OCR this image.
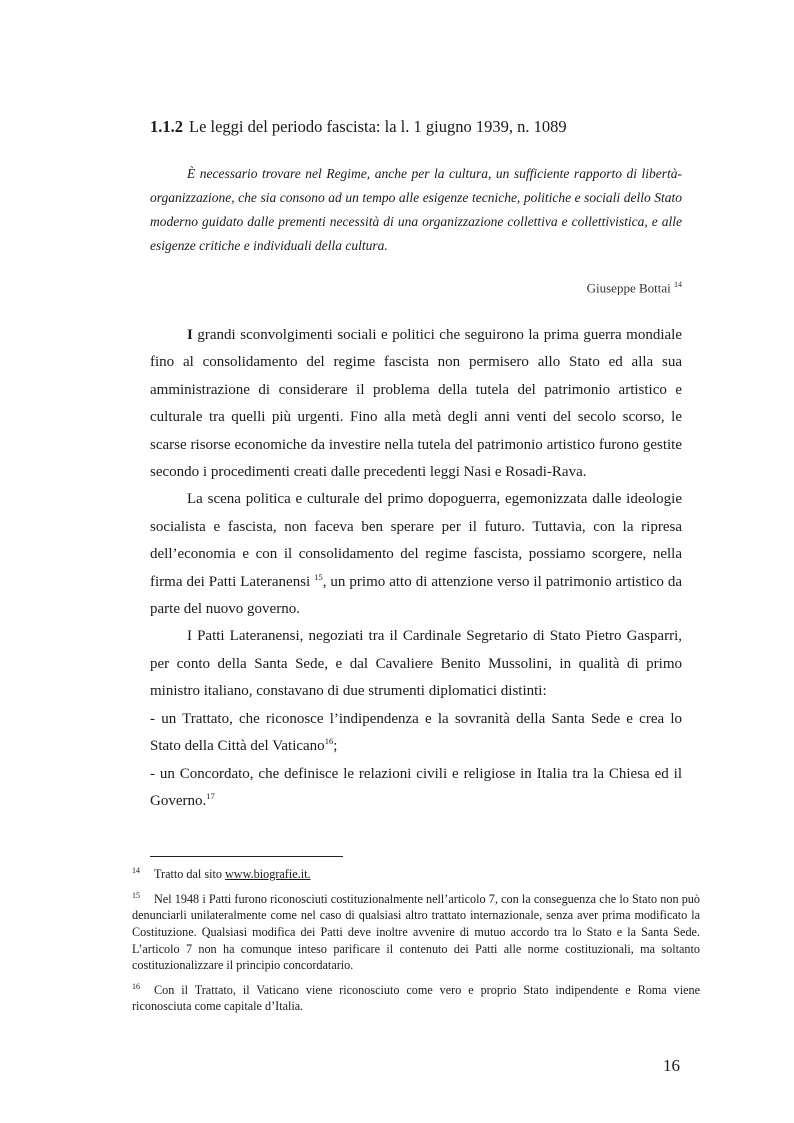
1.1.2 Le leggi del periodo fascista: la l. 1 giugno 1939, n. 1089

È necessario trovare nel Regime, anche per la cultura, un sufficiente rapporto di libertà-organizzazione, che sia consono ad un tempo alle esigenze tecniche, politiche e sociali dello Stato moderno guidato dalle prementi necessità di una organizzazione collettiva e collettivistica, e alle esigenze critiche e individuali della cultura.

Giuseppe Bottai $^{14}$

I grandi sconvolgimenti sociali e politici che seguirono la prima guerra mondiale fino al consolidamento del regime fascista non permisero allo Stato ed alla sua amministrazione di considerare il problema della tutela del patrimonio artistico e culturale tra quelli più urgenti. Fino alla metà degli anni venti del secolo scorso, le scarse risorse economiche da investire nella tutela del patrimonio artistico furono gestite secondo i procedimenti creati dalle precedenti leggi Nasi e Rosadi-Rava.

La scena politica e culturale del primo dopoguerra, egemonizzata dalle ideologie socialista e fascista, non faceva ben sperare per il futuro. Tuttavia, con la ripresa dell’economia e con il consolidamento del regime fascista, possiamo scorgere, nella firma dei Patti Lateranensi $^{15}$, un primo atto di attenzione verso il patrimonio artistico da parte del nuovo governo.

I Patti Lateranensi, negoziati tra il Cardinale Segretario di Stato Pietro Gasparri, per conto della Santa Sede, e dal Cavaliere Benito Mussolini, in qualità di primo ministro italiano, constavano di due strumenti diplomatici distinti:

- un Trattato, che riconosce l’indipendenza e la sovranità della Santa Sede e crea lo Stato della Città del Vaticano$^{16}$;

- un Concordato, che definisce le relazioni civili e religiose in Italia tra la Chiesa ed il Governo.$^{17}$

$^{14}$ Tratto dal sito www.biografie.it.

$^{15}$ Nel 1948 i Patti furono riconosciuti costituzionalmente nell’articolo 7, con la conseguenza che lo Stato non può denunciarli unilateralmente come nel caso di qualsiasi altro trattato internazionale, senza aver prima modificato la Costituzione. Qualsiasi modifica dei Patti deve inoltre avvenire di mutuo accordo tra lo Stato e la Santa Sede. L’articolo 7 non ha comunque inteso parificare il contenuto dei Patti alle norme costituzionali, ma soltanto costituzionalizzare il principio concordatario.

$^{16}$ Con il Trattato, il Vaticano viene riconosciuto come vero e proprio Stato indipendente e Roma viene riconosciuta come capitale d’Italia.

16
